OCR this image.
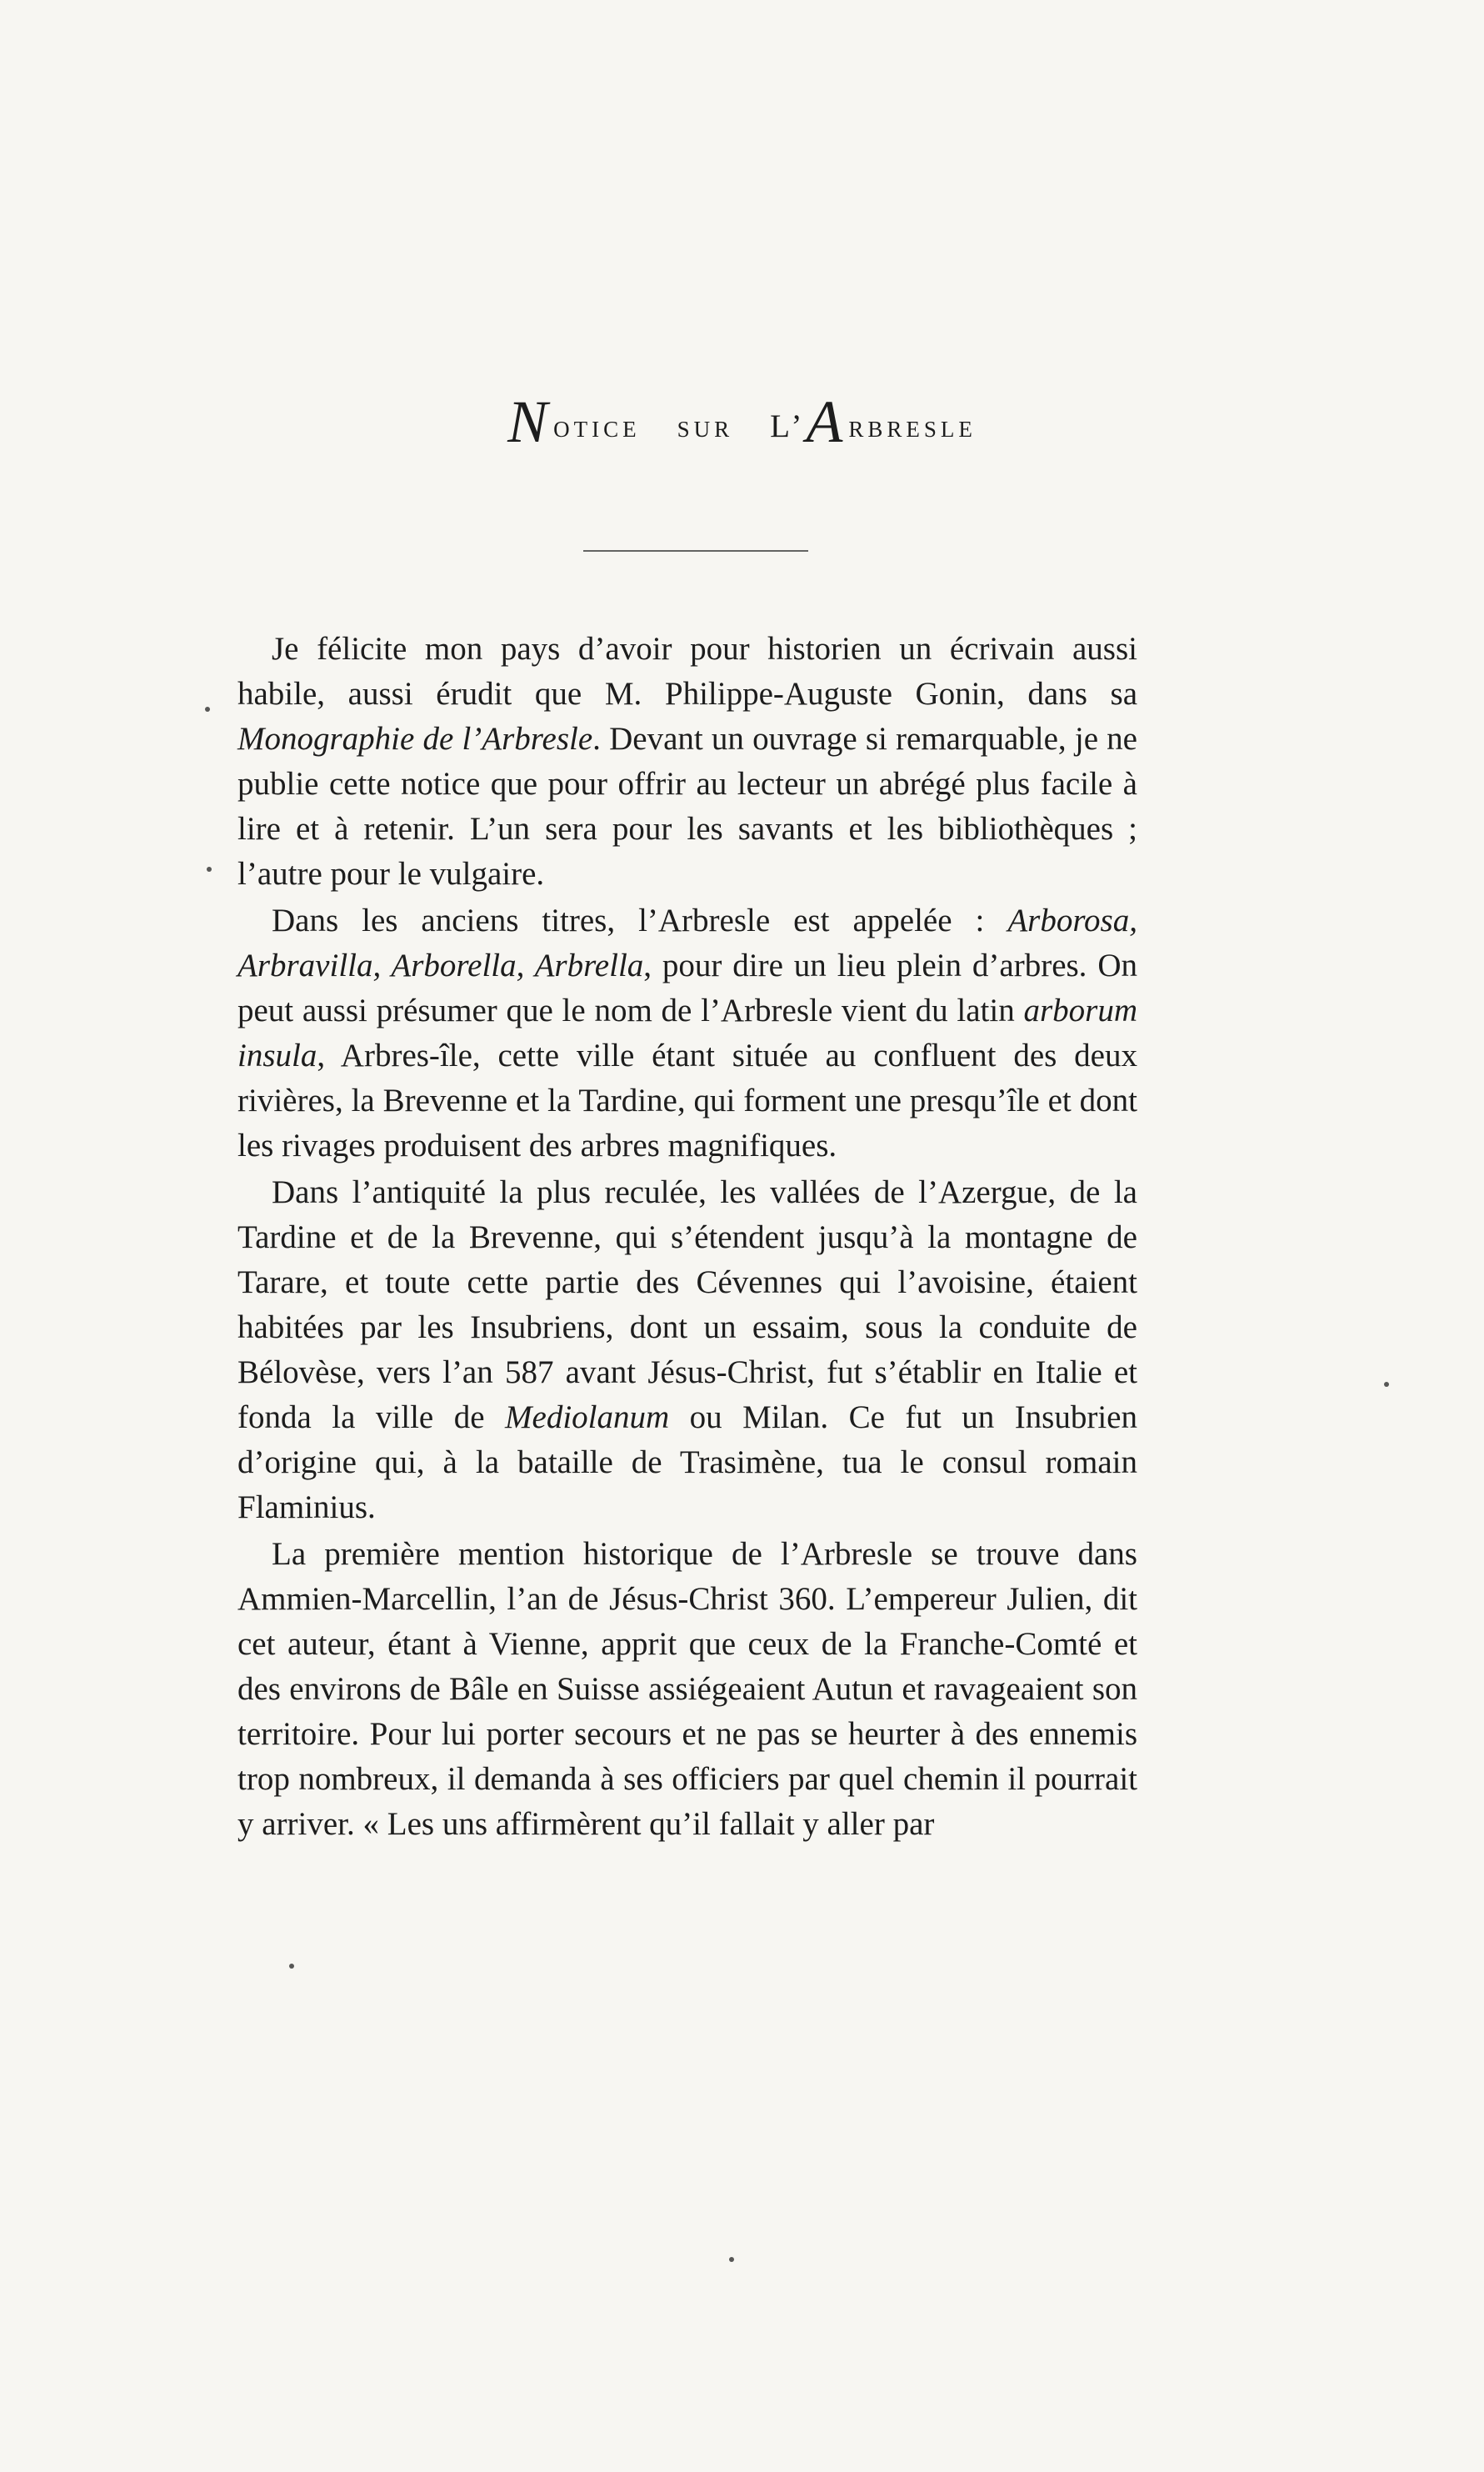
Notice sur L’Arbresle

Je félicite mon pays d’avoir pour historien un écrivain aussi habile, aussi érudit que M. Philippe-Auguste Gonin, dans sa Monographie de l’Arbresle. Devant un ouvrage si remarquable, je ne publie cette notice que pour offrir au lecteur un abrégé plus facile à lire et à retenir. L’un sera pour les savants et les bibliothèques ; l’autre pour le vulgaire.

Dans les anciens titres, l’Arbresle est appelée : Arborosa, Arbravilla, Arborella, Arbrella, pour dire un lieu plein d’arbres. On peut aussi présumer que le nom de l’Arbresle vient du latin arborum insula, Arbres-île, cette ville étant située au confluent des deux rivières, la Brevenne et la Tardine, qui forment une presqu’île et dont les rivages produisent des arbres magnifiques.

Dans l’antiquité la plus reculée, les vallées de l’Azergue, de la Tardine et de la Brevenne, qui s’étendent jusqu’à la montagne de Tarare, et toute cette partie des Cévennes qui l’avoisine, étaient habitées par les Insubriens, dont un essaim, sous la conduite de Bélovèse, vers l’an 587 avant Jésus-Christ, fut s’établir en Italie et fonda la ville de Mediolanum ou Milan. Ce fut un Insubrien d’origine qui, à la bataille de Trasimène, tua le consul romain Flaminius.

La première mention historique de l’Arbresle se trouve dans Ammien-Marcellin, l’an de Jésus-Christ 360. L’empereur Julien, dit cet auteur, étant à Vienne, apprit que ceux de la Franche-Comté et des environs de Bâle en Suisse assiégeaient Autun et ravageaient son territoire. Pour lui porter secours et ne pas se heurter à des ennemis trop nombreux, il demanda à ses officiers par quel chemin il pourrait y arriver. « Les uns affirmèrent qu’il fallait y aller par
